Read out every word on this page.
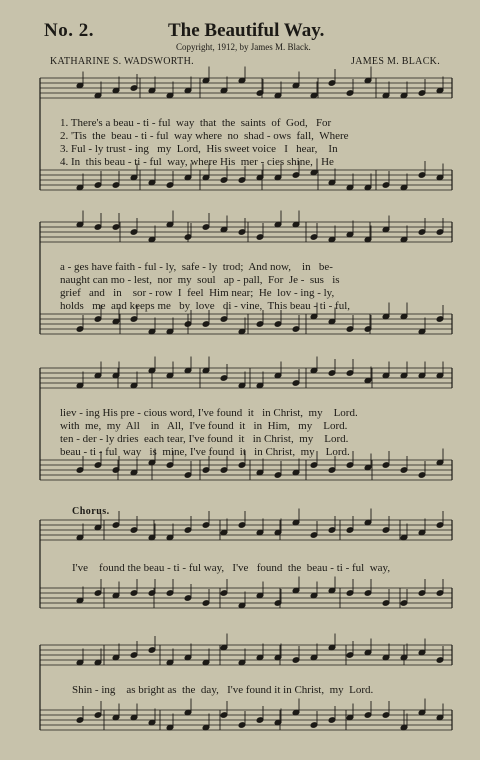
No. 2.	The Beautiful Way.
Copyright, 1912, by James M. Black.
KATHARINE S. WADSWORTH.	JAMES M. BLACK.
1. There's a beau - ti - ful  way  that  the  saints  of  God,   For
2. 'Tis  the  beau - ti - ful  way where  no  shad - ows  fall,  Where
3. Ful - ly trust - ing   my  Lord,  His sweet voice   I   hear,    In
4. In  this beau - ti - ful  way, where His  mer - cies shine,   He
a - ges have faith - ful - ly,  safe - ly  trod;  And now,    in   be-
naught can mo - lest,  nor  my  soul   ap - pall,  For  Je -  sus   is
grief   and   in    sor - row  I  feel  Him near;  He  lov - ing - ly,
holds   me  and keeps me   by  love   di - vine,  This beau - ti - ful,
liev - ing His pre - cious word, I've found  it   in Christ,  my    Lord.
with  me,  my  All    in   All,  I've found  it   in  Him,   my    Lord.
ten - der - ly dries  each tear, I've found  it   in Christ,  my    Lord.
beau - ti - ful  way   is  mine, I've found  it   in Christ,  my    Lord.
Chorus.
I've    found the beau - ti - ful way,   I've   found  the  beau - ti - ful  way,
Shin - ing    as bright as  the  day,   I've found it in Christ,  my  Lord.
